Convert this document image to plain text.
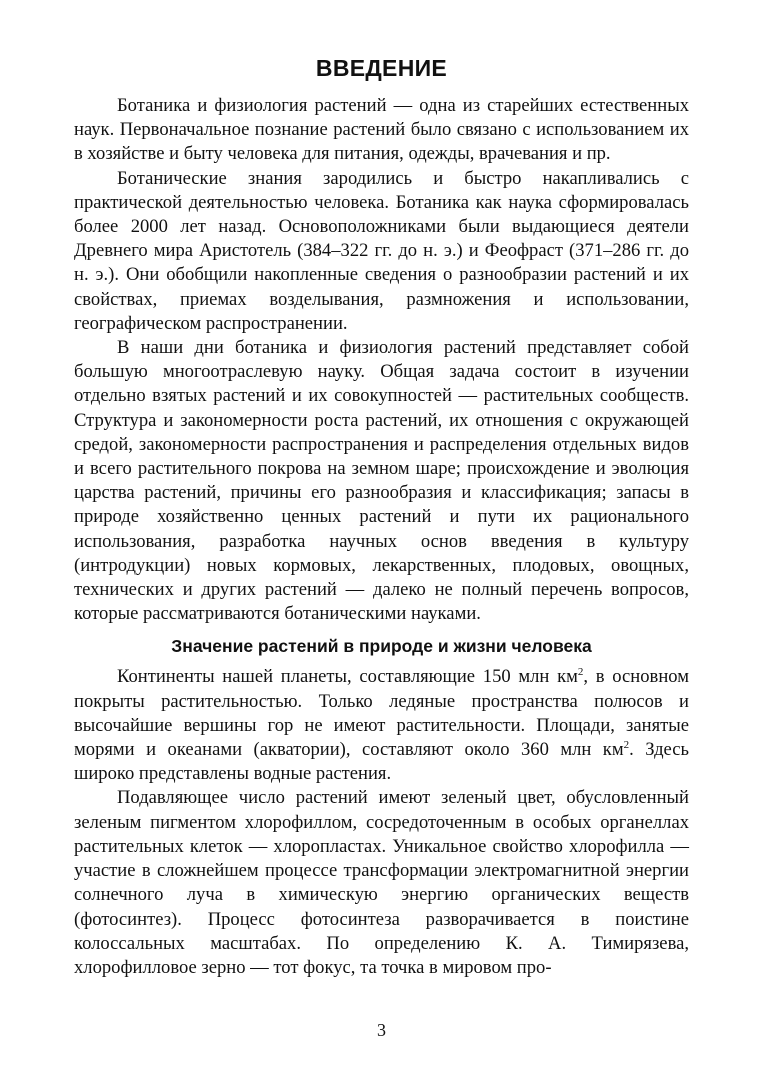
ВВЕДЕНИЕ

Ботаника и физиология растений — одна из старейших естественных наук. Первоначальное познание растений было связано с использованием их в хозяйстве и быту человека для питания, одежды, врачевания и пр.

Ботанические знания зародились и быстро накапливались с практической деятельностью человека. Ботаника как наука сформировалась более 2000 лет назад. Основоположниками были выдающиеся деятели Древнего мира Аристотель (384–322 гг. до н. э.) и Феофраст (371–286 гг. до н. э.). Они обобщили накопленные сведения о разнообразии растений и их свойствах, приемах возделывания, размножения и использовании, географическом распространении.

В наши дни ботаника и физиология растений представляет собой большую многоотраслевую науку. Общая задача состоит в изучении отдельно взятых растений и их совокупностей — растительных сообществ. Структура и закономерности роста растений, их отношения с окружающей средой, закономерности распространения и распределения отдельных видов и всего растительного покрова на земном шаре; происхождение и эволюция царства растений, причины его разнообразия и классификация; запасы в природе хозяйственно ценных растений и пути их рационального использования, разработка научных основ введения в культуру (интродукции) новых кормовых, лекарственных, плодовых, овощных, технических и других растений — далеко не полный перечень вопросов, которые рассматриваются ботаническими науками.

Значение растений в природе и жизни человека

Континенты нашей планеты, составляющие 150 млн $км^2$, в основном покрыты растительностью. Только ледяные пространства полюсов и высочайшие вершины гор не имеют растительности. Площади, занятые морями и океанами (акватории), составляют около 360 млн $км^2$. Здесь широко представлены водные растения.

Подавляющее число растений имеют зеленый цвет, обусловленный зеленым пигментом хлорофиллом, сосредоточенным в особых органеллах растительных клеток — хлоропластах. Уникальное свойство хлорофилла — участие в сложнейшем процессе трансформации электромагнитной энергии солнечного луча в химическую энергию органических веществ (фотосинтез). Процесс фотосинтеза разворачивается в поистине колоссальных масштабах. По определению К. А. Тимирязева, хлорофилловое зерно — тот фокус, та точка в мировом про-

3
